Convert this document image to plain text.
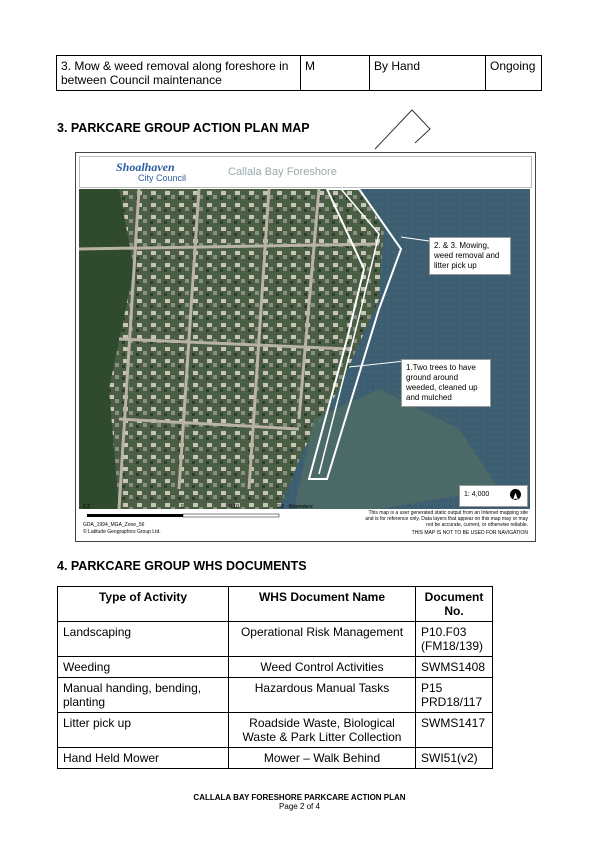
3. Mow & weed removal along foreshore in between Council maintenance	M	By Hand	Ongoing
3. PARKCARE GROUP ACTION PLAN MAP
Shoalhaven
City Council	Callala Bay Foreshore
2. & 3. Mowing, weed removal and litter pick up
1.Two trees to have ground around weeded, cleaned up and mulched
1: 4,000
0.2	0	0.10	0.2 Kilometers
GDA_1994_MGA_Zone_56
© Latitude Geographics Group Ltd.
This map is a user generated static output from an Internet mapping site and is for reference only. Data layers that appear on this map may or may not be accurate, current, or otherwise reliable.
THIS MAP IS NOT TO BE USED FOR NAVIGATION
4. PARKCARE GROUP WHS DOCUMENTS
Type of Activity	WHS Document Name	Document No.
Landscaping	Operational Risk Management	P10.F03 (FM18/139)
Weeding	Weed Control Activities	SWMS1408
Manual handing, bending, planting	Hazardous Manual Tasks	P15 PRD18/117
Litter pick up	Roadside Waste, Biological Waste & Park Litter Collection	SWMS1417
Hand Held Mower	Mower – Walk Behind	SWI51(v2)
CALLALA BAY FORESHORE PARKCARE ACTION PLAN
Page 2 of 4
